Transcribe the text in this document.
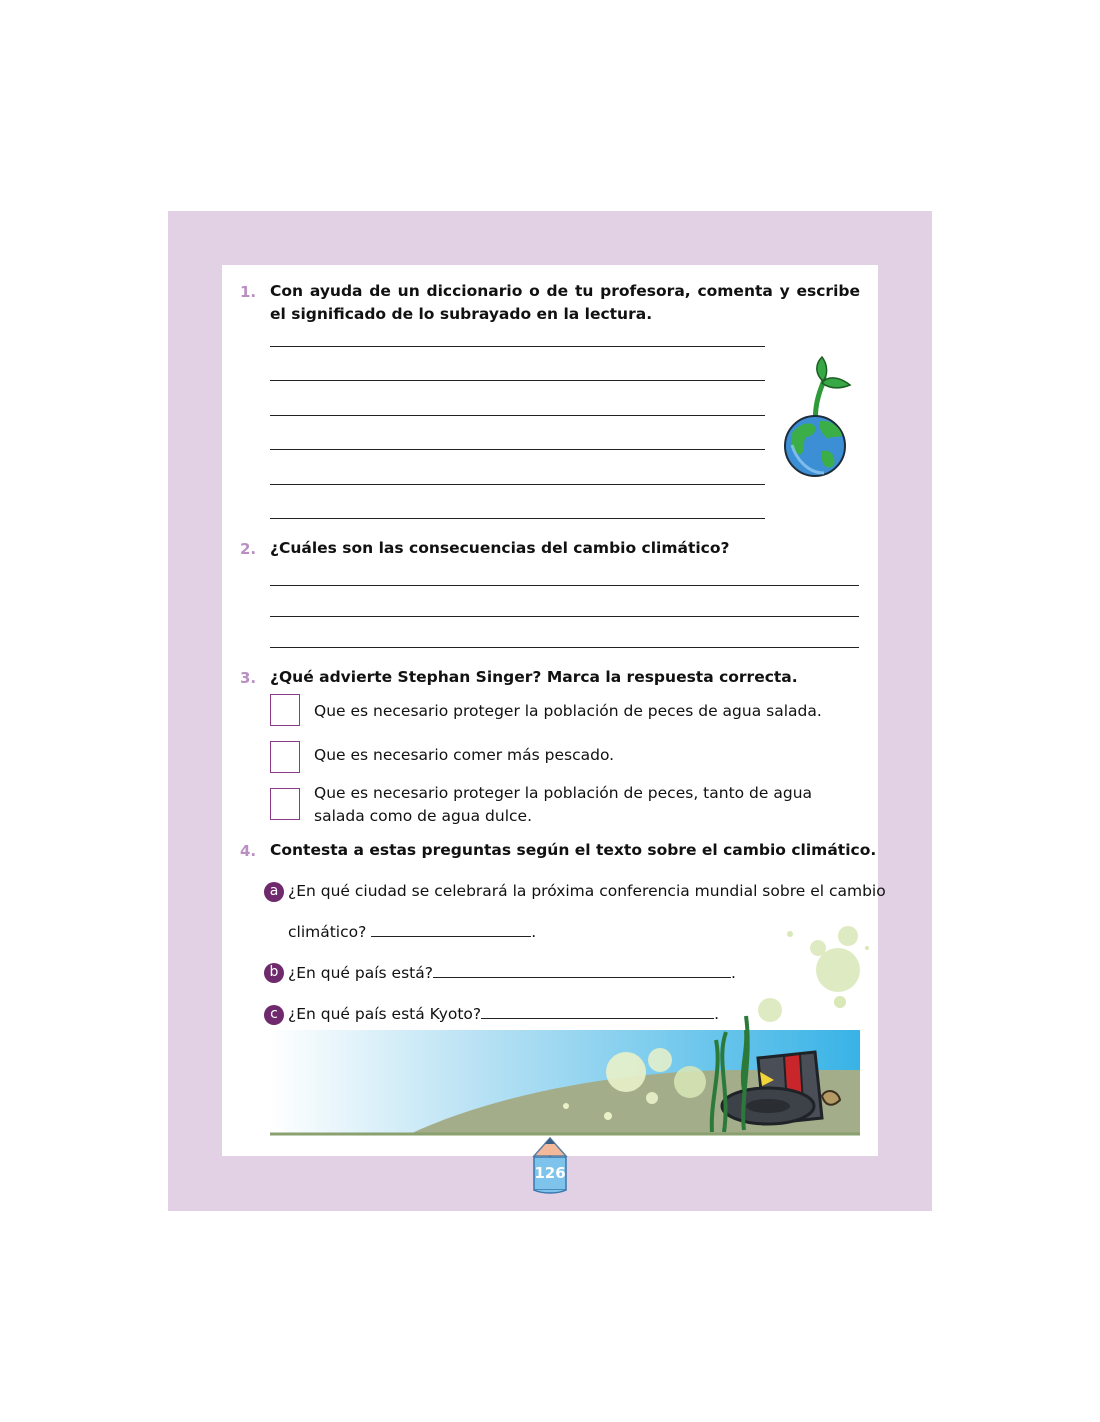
1. Con ayuda de un diccionario o de tu profesora, comenta y escribe el significado de lo subrayado en la lectura.
2. ¿Cuáles son las consecuencias del cambio climático?
3. ¿Qué advierte Stephan Singer? Marca la respuesta correcta.
Que es necesario proteger la población de peces de agua salada.
Que es necesario comer más pescado.
Que es necesario proteger la población de peces, tanto de agua salada como de agua dulce.
4. Contesta a estas preguntas según el texto sobre el cambio climático.
a ¿En qué ciudad se celebrará la próxima conferencia mundial sobre el cambio
climático?	.
b ¿En qué país está?	.
c ¿En qué país está Kyoto?	.
126
